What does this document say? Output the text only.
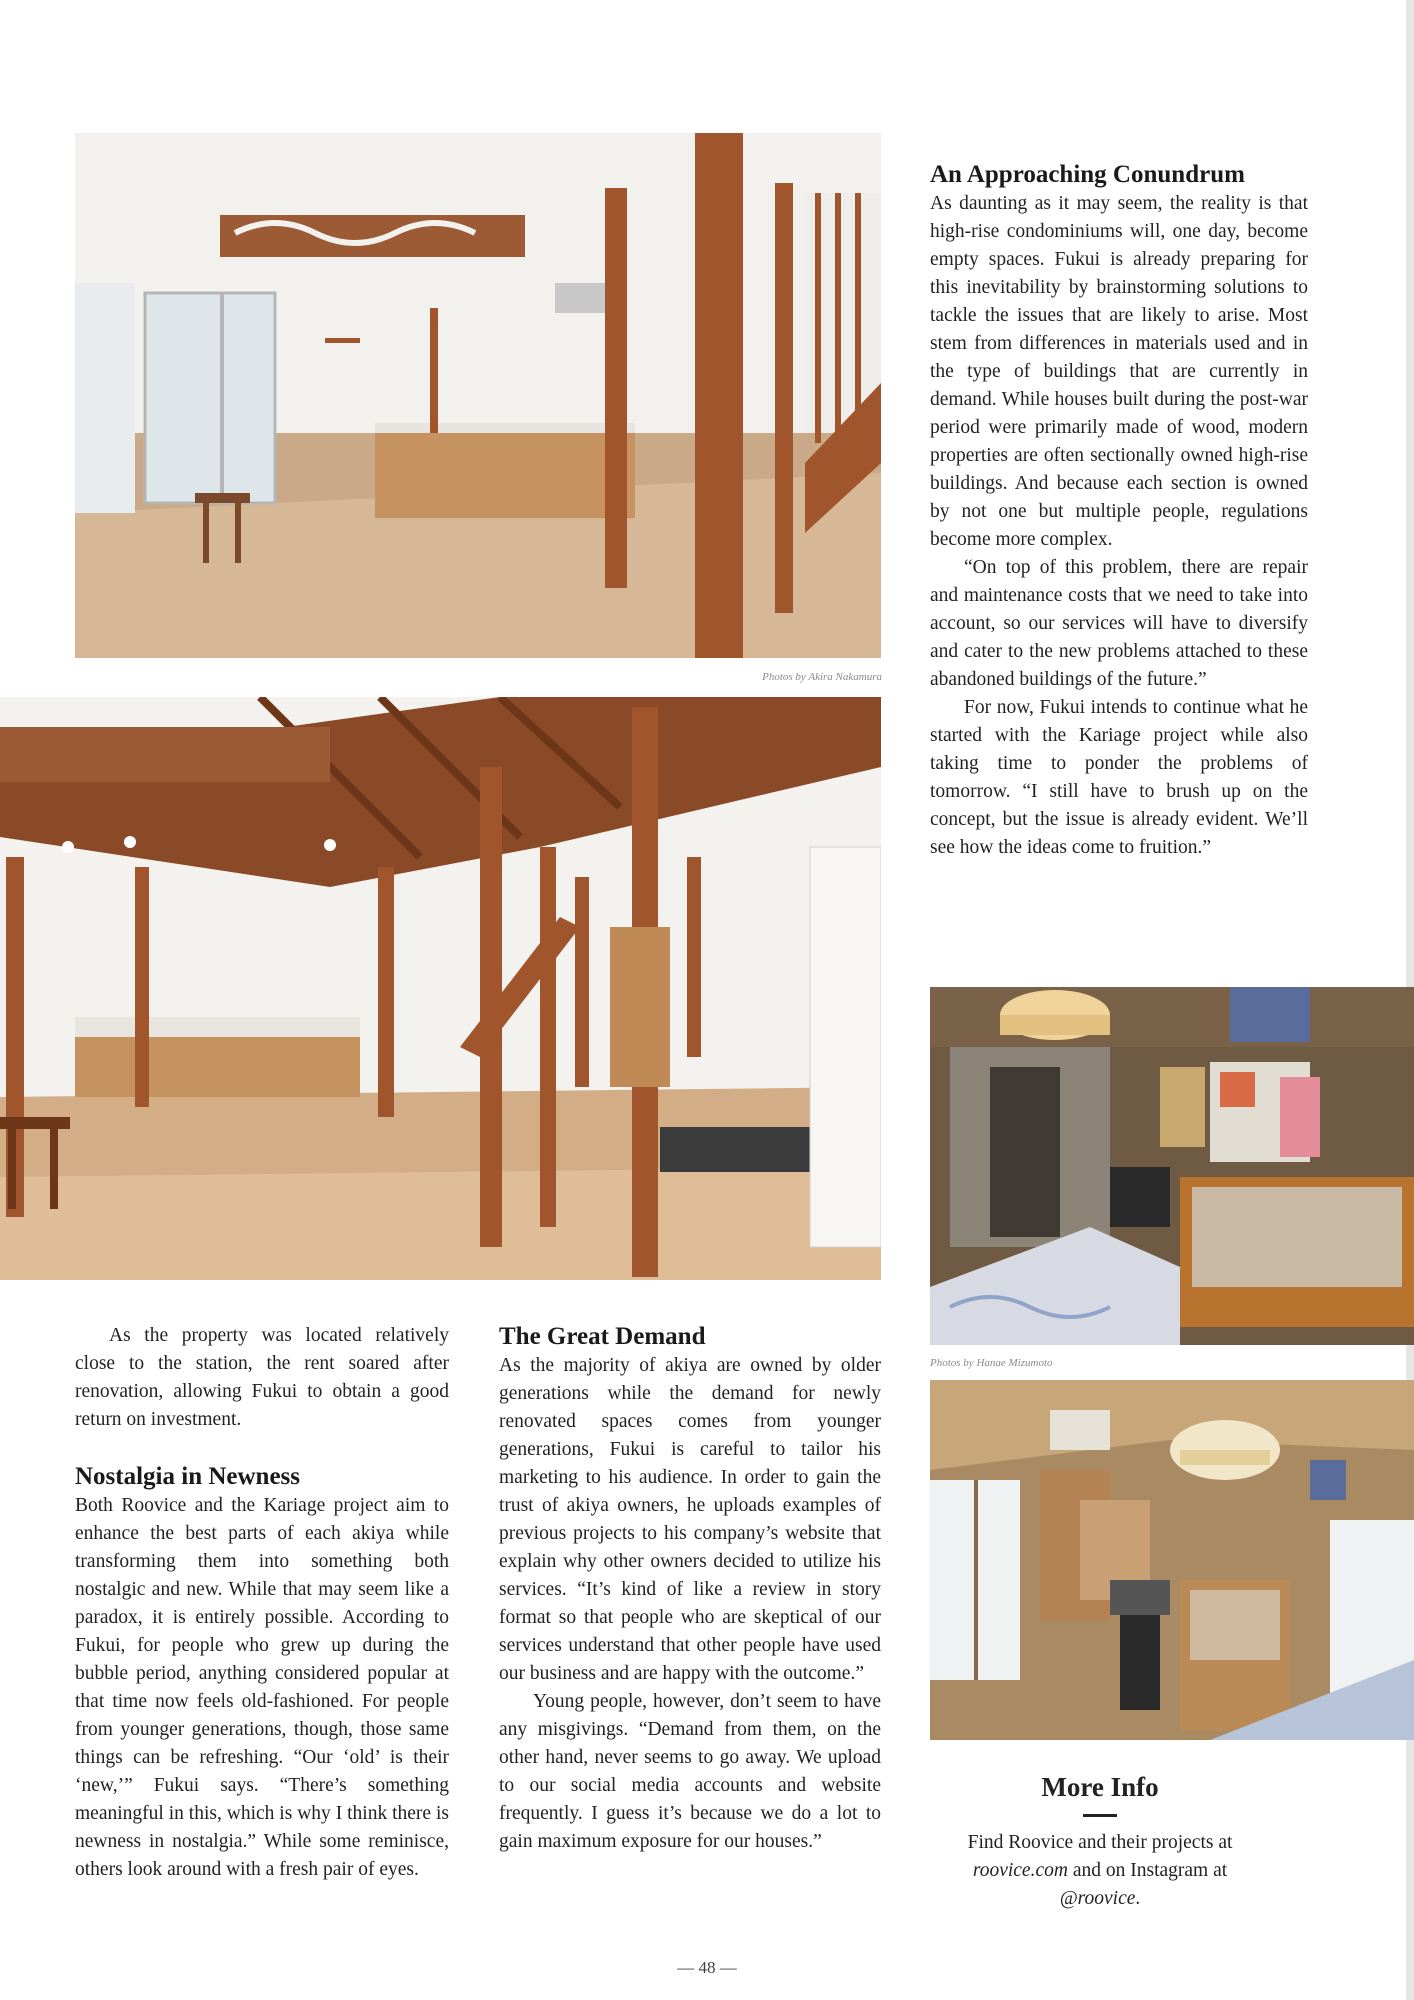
Photos by Akira Nakamura
Photos by Hanae Mizumoto
An Approaching Conundrum

As daunting as it may seem, the reality is that high-rise condominiums will, one day, become empty spaces. Fukui is already preparing for this inevitability by brainstorming solutions to tackle the issues that are likely to arise. Most stem from differences in materials used and in the type of buildings that are currently in demand. While houses built during the post-war period were primarily made of wood, modern properties are often sectionally owned high-rise buildings. And because each section is owned by not one but multiple people, regulations become more complex.

“On top of this problem, there are repair and maintenance costs that we need to take into account, so our services will have to diversify and cater to the new problems attached to these abandoned buildings of the future.”

For now, Fukui intends to continue what he started with the Kariage project while also taking time to ponder the problems of tomorrow. “I still have to brush up on the concept, but the issue is already evident. We’ll see how the ideas come to fruition.”

As the property was located relatively close to the station, the rent soared after renovation, allowing Fukui to obtain a good return on investment.

Nostalgia in Newness

Both Roovice and the Kariage project aim to enhance the best parts of each akiya while transforming them into something both nostalgic and new. While that may seem like a paradox, it is entirely possible. According to Fukui, for people who grew up during the bubble period, anything considered popular at that time now feels old-fashioned. For people from younger generations, though, those same things can be refreshing. “Our ‘old’ is their ‘new,’” Fukui says. “There’s something meaningful in this, which is why I think there is newness in nostalgia.” While some reminisce, others look around with a fresh pair of eyes.

The Great Demand

As the majority of akiya are owned by older generations while the demand for newly renovated spaces comes from younger generations, Fukui is careful to tailor his marketing to his audience. In order to gain the trust of akiya owners, he uploads examples of previous projects to his company’s website that explain why other owners decided to utilize his services. “It’s kind of like a review in story format so that people who are skeptical of our services understand that other people have used our business and are happy with the outcome.”

Young people, however, don’t seem to have any misgivings. “Demand from them, on the other hand, never seems to go away. We upload to our social media accounts and website frequently. I guess it’s because we do a lot to gain maximum exposure for our houses.”

More Info

Find Roovice and their projects at
roovice.com and on Instagram at
@roovice.

— 48 —
